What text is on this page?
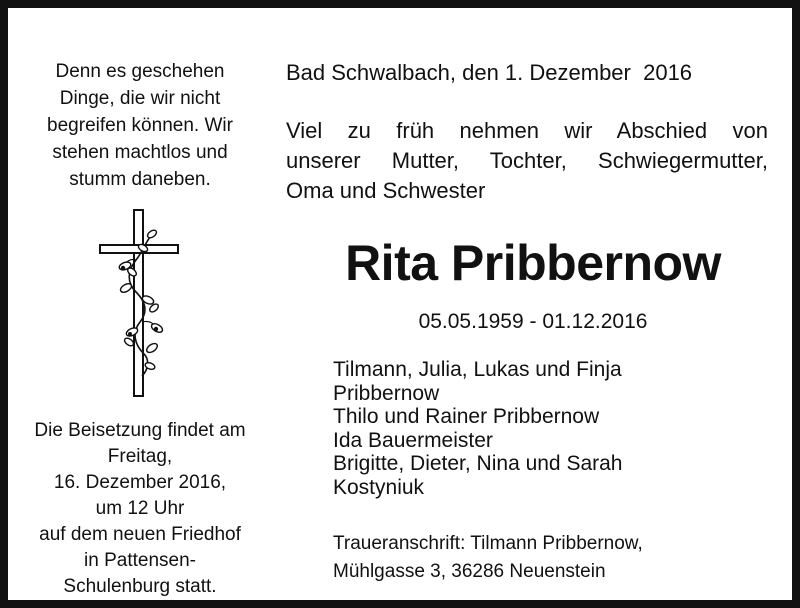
Denn es geschehen
Dinge, die wir nicht
begreifen können. Wir
stehen machtlos und
stumm daneben.
Die Beisetzung findet am
Freitag,
16. Dezember 2016,
um 12 Uhr
auf dem neuen Friedhof
in Pattensen-
Schulenburg statt.
Bad Schwalbach, den 1. Dezember  2016
Viel zu früh nehmen wir Abschied von
unserer Mutter, Tochter, Schwiegermutter,
Oma und Schwester
Rita Pribbernow
05.05.1959 - 01.12.2016
Tilmann, Julia, Lukas und Finja
Pribbernow
Thilo und Rainer Pribbernow
Ida Bauermeister
Brigitte, Dieter, Nina und Sarah
Kostyniuk
Traueranschrift: Tilmann Pribbernow,
Mühlgasse 3, 36286 Neuenstein
